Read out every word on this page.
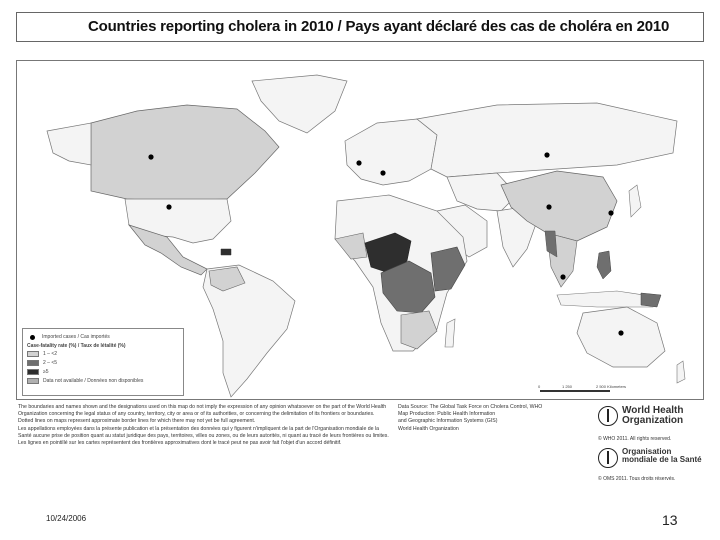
Countries reporting cholera in 2010 / Pays ayant déclaré des cas de choléra en 2010
Imported cases / Cas importés
Case-fatality rate (%) / Taux de létalité (%)
1 – <2
2 – <5
≥5
Data not available / Données non disponibles
0	1 250	2 500 Kilometers
The boundaries and names shown and the designations used on this map do not imply the expression of any opinion whatsoever on the part of the World Health Organization concerning the legal status of any country, territory, city or area or of its authorities, or concerning the delimitation of its frontiers or boundaries. Dotted lines on maps represent approximate border lines for which there may not yet be full agreement.
Les appellations employées dans la présente publication et la présentation des données qui y figurent n'impliquent de la part de l'Organisation mondiale de la Santé aucune prise de position quant au statut juridique des pays, territoires, villes ou zones, ou de leurs autorités, ni quant au tracé de leurs frontières ou limites. Les lignes en pointillé sur les cartes représentent des frontières approximatives dont le tracé peut ne pas avoir fait l'objet d'un accord définitif.
Data Source: The Global Task Force on Cholera Control, WHO
Map Production: Public Health Information
and Geographic Information Systems (GIS)
World Health Organization
World Health Organization
© WHO 2011. All rights reserved.
Organisation mondiale de la Santé
© OMS 2011. Tous droits réservés.
10/24/2006	13
